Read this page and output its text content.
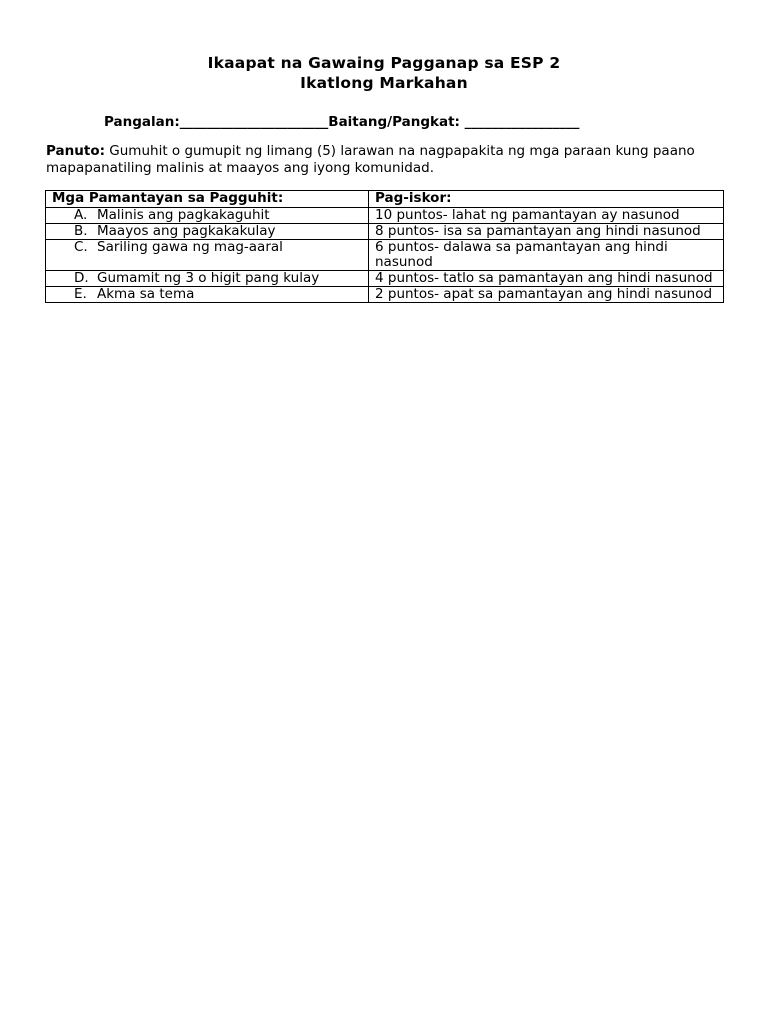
Ikaapat na Gawaing Pagganap sa ESP 2
Ikatlong Markahan
Pangalan:______________________Baitang/Pangkat: _________________
Panuto: Gumuhit o gumupit ng limang (5) larawan na nagpapakita ng mga paraan kung paano mapapanatiling malinis at maayos ang iyong komunidad.
Mga Pamantayan sa Pagguhit:	Pag-iskor:

A. Malinis ang pagkakaguhit	10 puntos- lahat ng pamantayan ay nasunod

B. Maayos ang pagkakakulay	8 puntos- isa sa pamantayan ang hindi nasunod

C. Sariling gawa ng mag-aaral	6 puntos- dalawa sa pamantayan ang hindi nasunod

D. Gumamit ng 3 o higit pang kulay	4 puntos- tatlo sa pamantayan ang hindi nasunod

E. Akma sa tema	2 puntos- apat sa pamantayan ang hindi nasunod
